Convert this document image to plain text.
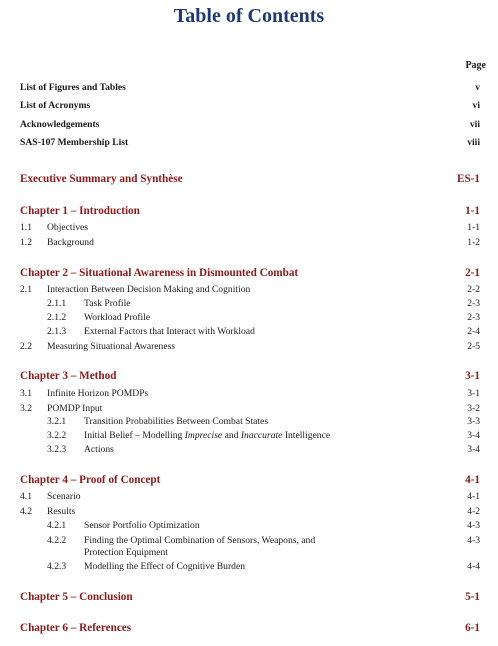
Table of Contents
Page
List of Figures and Tables	v
List of Acronyms	vi
Acknowledgements	vii
SAS-107 Membership List	viii
Executive Summary and Synthèse	ES-1
Chapter 1 – Introduction	1-1
1.1 Objectives	1-1
1.2 Background	1-2
Chapter 2 – Situational Awareness in Dismounted Combat	2-1
2.1 Interaction Between Decision Making and Cognition	2-2
2.1.1 Task Profile	2-3
2.1.2 Workload Profile	2-3
2.1.3 External Factors that Interact with Workload	2-4
2.2 Measuring Situational Awareness	2-5
Chapter 3 – Method	3-1
3.1 Infinite Horizon POMDPs	3-1
3.2 POMDP Input	3-2
3.2.1 Transition Probabilities Between Combat States	3-3
3.2.2 Initial Belief – Modelling Imprecise and Inaccurate Intelligence	3-4
3.2.3 Actions	3-4
Chapter 4 – Proof of Concept	4-1
4.1 Scenario	4-1
4.2 Results	4-2
4.2.1 Sensor Portfolio Optimization	4-3
4.2.2 Finding the Optimal Combination of Sensors, Weapons, and
Protection Equipment
4-3
4.2.3 Modelling the Effect of Cognitive Burden	4-4
Chapter 5 – Conclusion	5-1
Chapter 6 – References	6-1
